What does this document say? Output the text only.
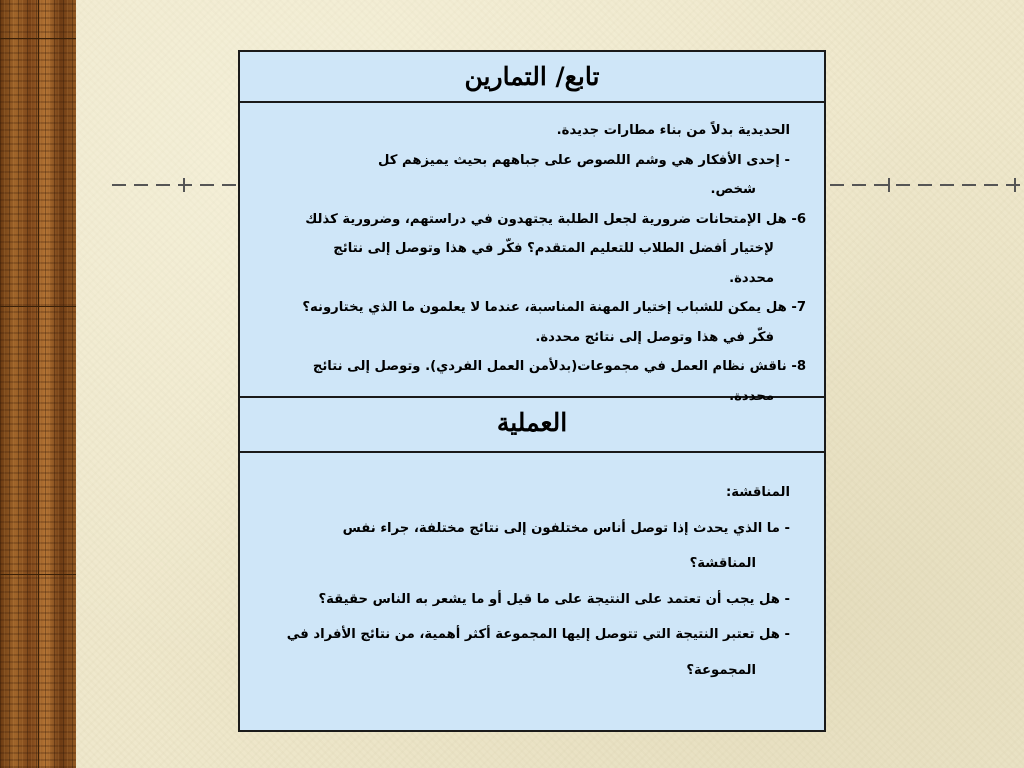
تابع/ التمارين
الحديدية بدلاً من بناء مطارات جديدة.
- إحدى الأفكار هي وشم اللصوص على جباههم بحيث يميزهم كل
شخص.
6- هل الإمتحانات ضرورية لجعل الطلبة يجتهدون في دراستهم، وضرورية كذلك
لإختيار أفضل الطلاب للتعليم المتقدم؟ فكّر في هذا وتوصل إلى نتائج
محددة.
7- هل يمكن للشباب إختيار المهنة المناسبة، عندما لا يعلمون ما الذي يختارونه؟
فكّر في هذا وتوصل إلى نتائج محددة.
8- ناقش نظام العمل في مجموعات(بدلأمن العمل الفردي). وتوصل إلى نتائج
محددة.
العملية
المناقشة:
- ما الذي يحدث إذا توصل أناس مختلفون إلى نتائج مختلفة، جراء نفس
المناقشة؟
- هل يجب أن تعتمد على النتيجة على ما قيل أو ما يشعر به الناس حقيقة؟
- هل تعتبر النتيجة التي تتوصل إليها المجموعة أكثر أهمية، من نتائج الأفراد في
المجموعة؟
